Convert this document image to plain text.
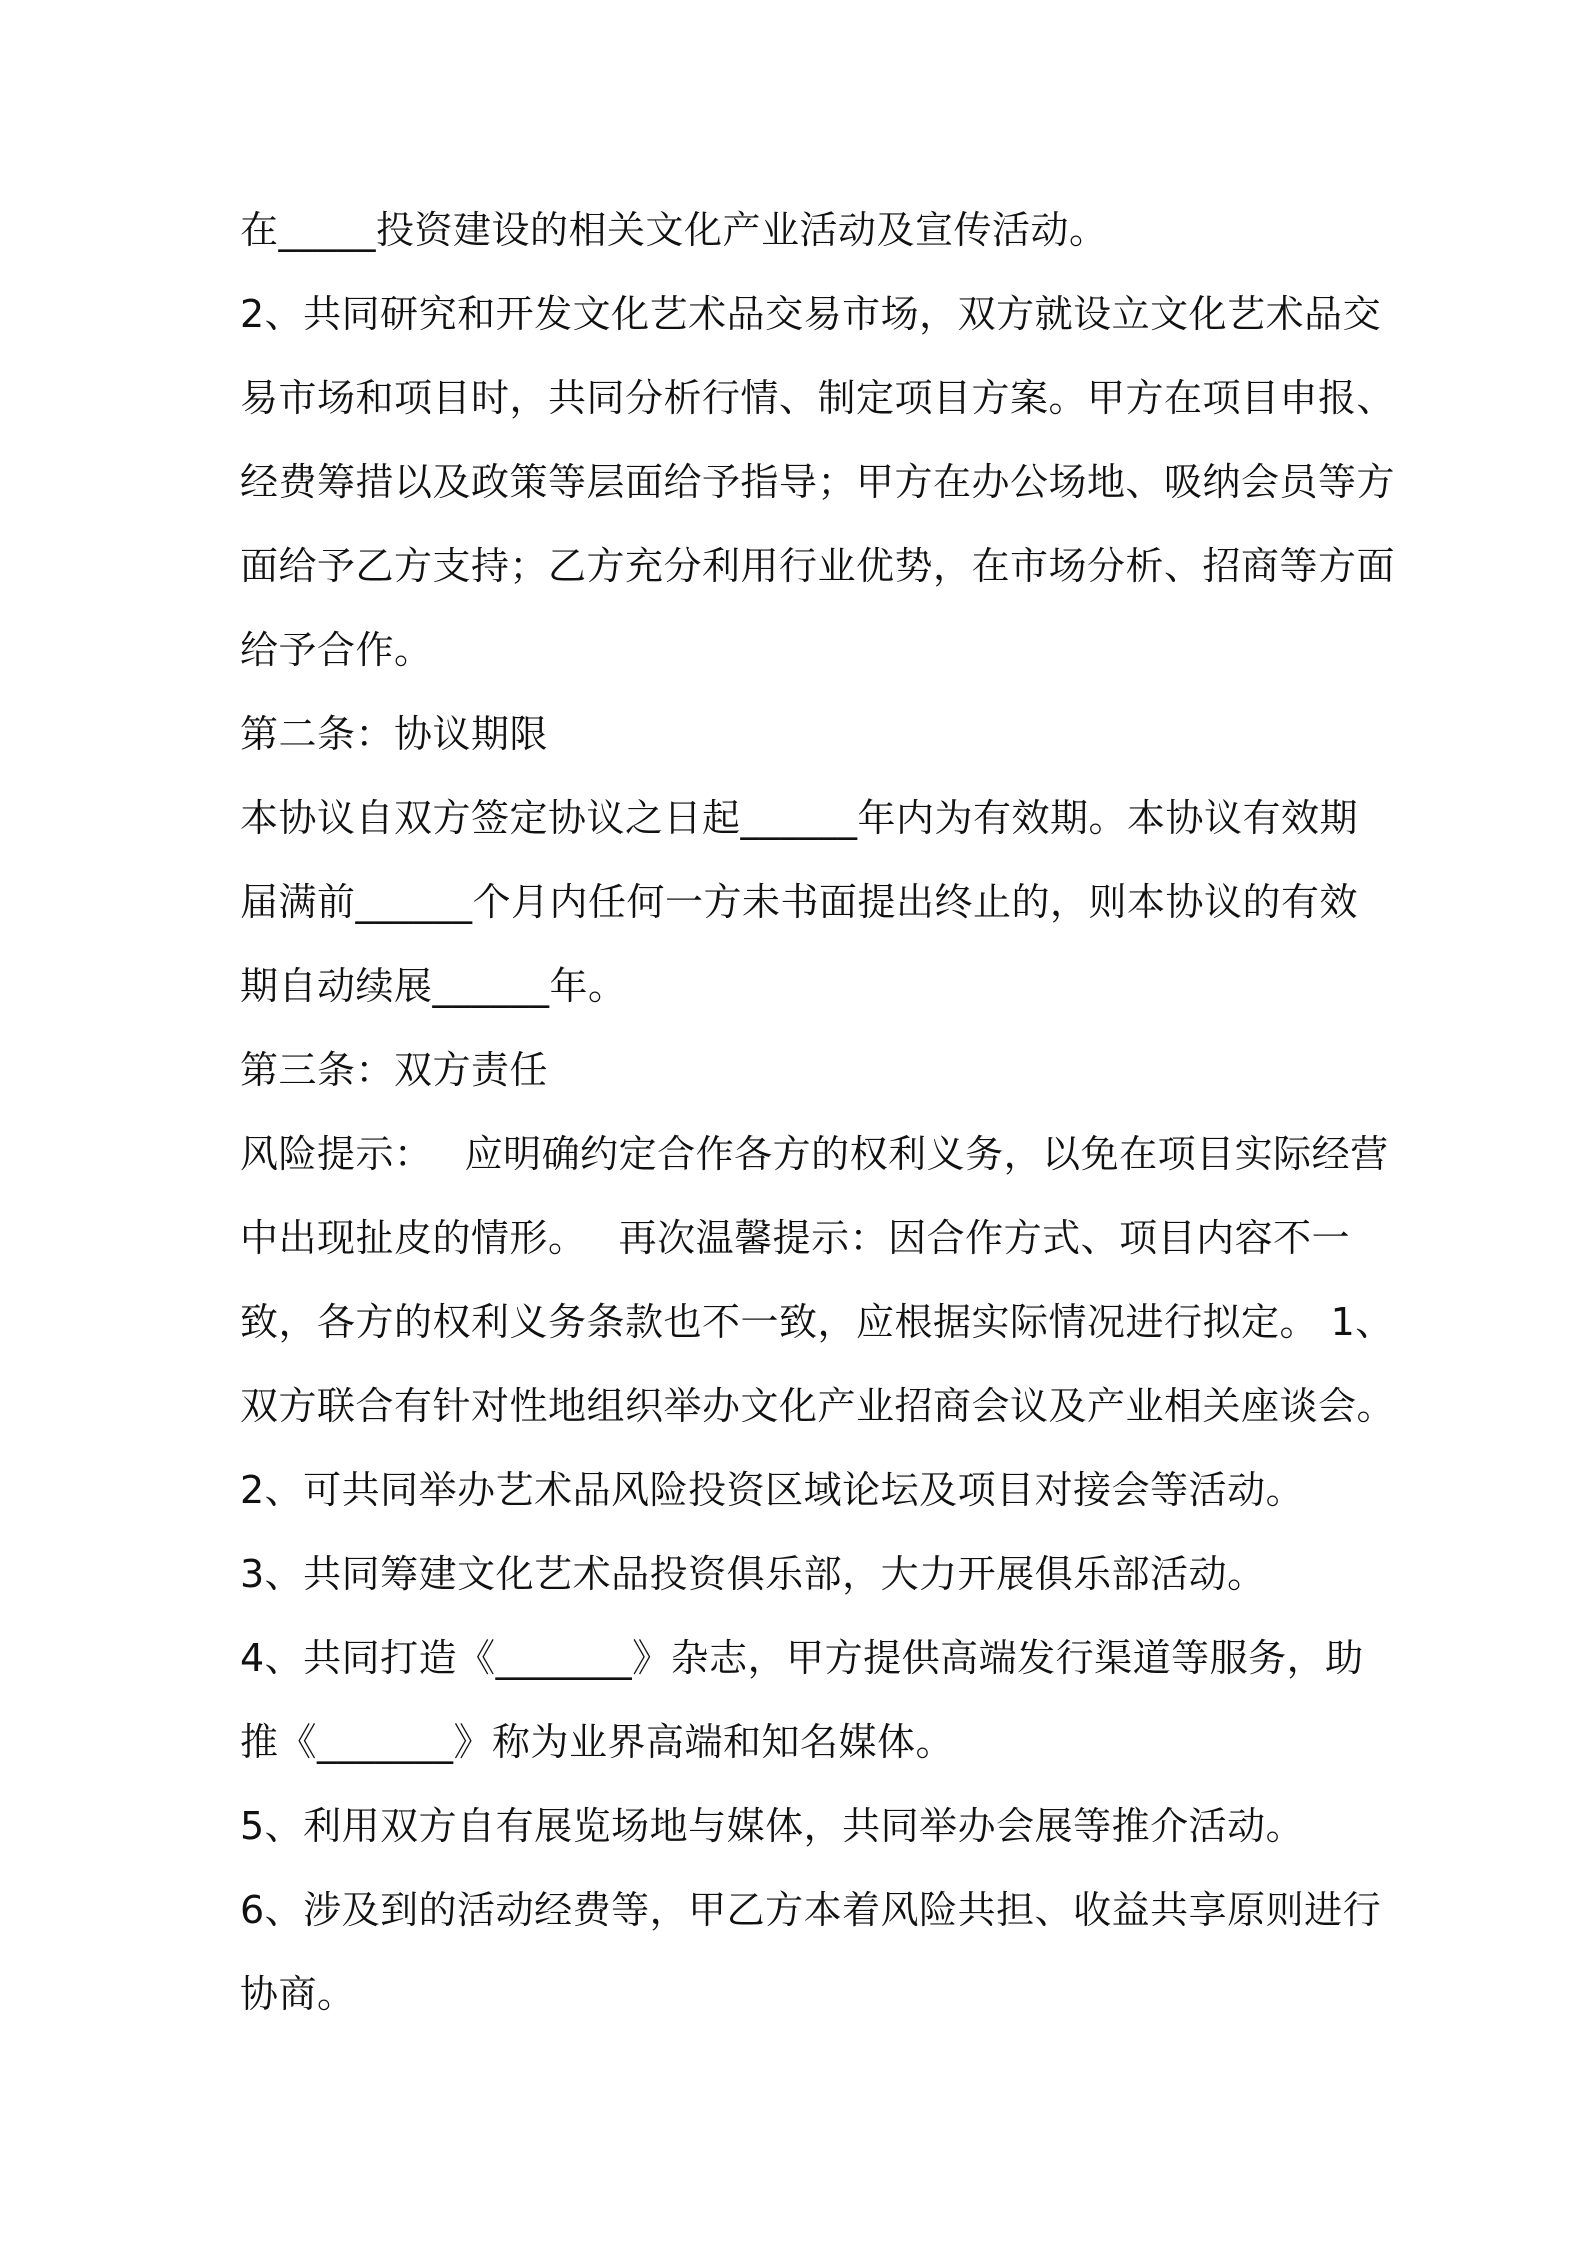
在_____投资建设的相关文化产业活动及宣传活动。
2、共同研究和开发文化艺术品交易市场，双方就设立文化艺术品交
易市场和项目时，共同分析行情、制定项目方案。甲方在项目申报、
经费筹措以及政策等层面给予指导；甲方在办公场地、吸纳会员等方
面给予乙方支持；乙方充分利用行业优势，在市场分析、招商等方面
给予合作。
第二条：协议期限
本协议自双方签定协议之日起______年内为有效期。本协议有效期
届满前______个月内任何一方未书面提出终止的，则本协议的有效
期自动续展______年。
第三条：双方责任
风险提示：　 应明确约定合作各方的权利义务，以免在项目实际经营
中出现扯皮的情形。　 再次温馨提示：因合作方式、项目内容不一
致，各方的权利义务条款也不一致，应根据实际情况进行拟定。 1、
双方联合有针对性地组织举办文化产业招商会议及产业相关座谈会。
2、可共同举办艺术品风险投资区域论坛及项目对接会等活动。
3、共同筹建文化艺术品投资俱乐部，大力开展俱乐部活动。
4、共同打造《_______》杂志，甲方提供高端发行渠道等服务，助
推《_______》称为业界高端和知名媒体。
5、利用双方自有展览场地与媒体，共同举办会展等推介活动。
6、涉及到的活动经费等，甲乙方本着风险共担、收益共享原则进行
协商。
